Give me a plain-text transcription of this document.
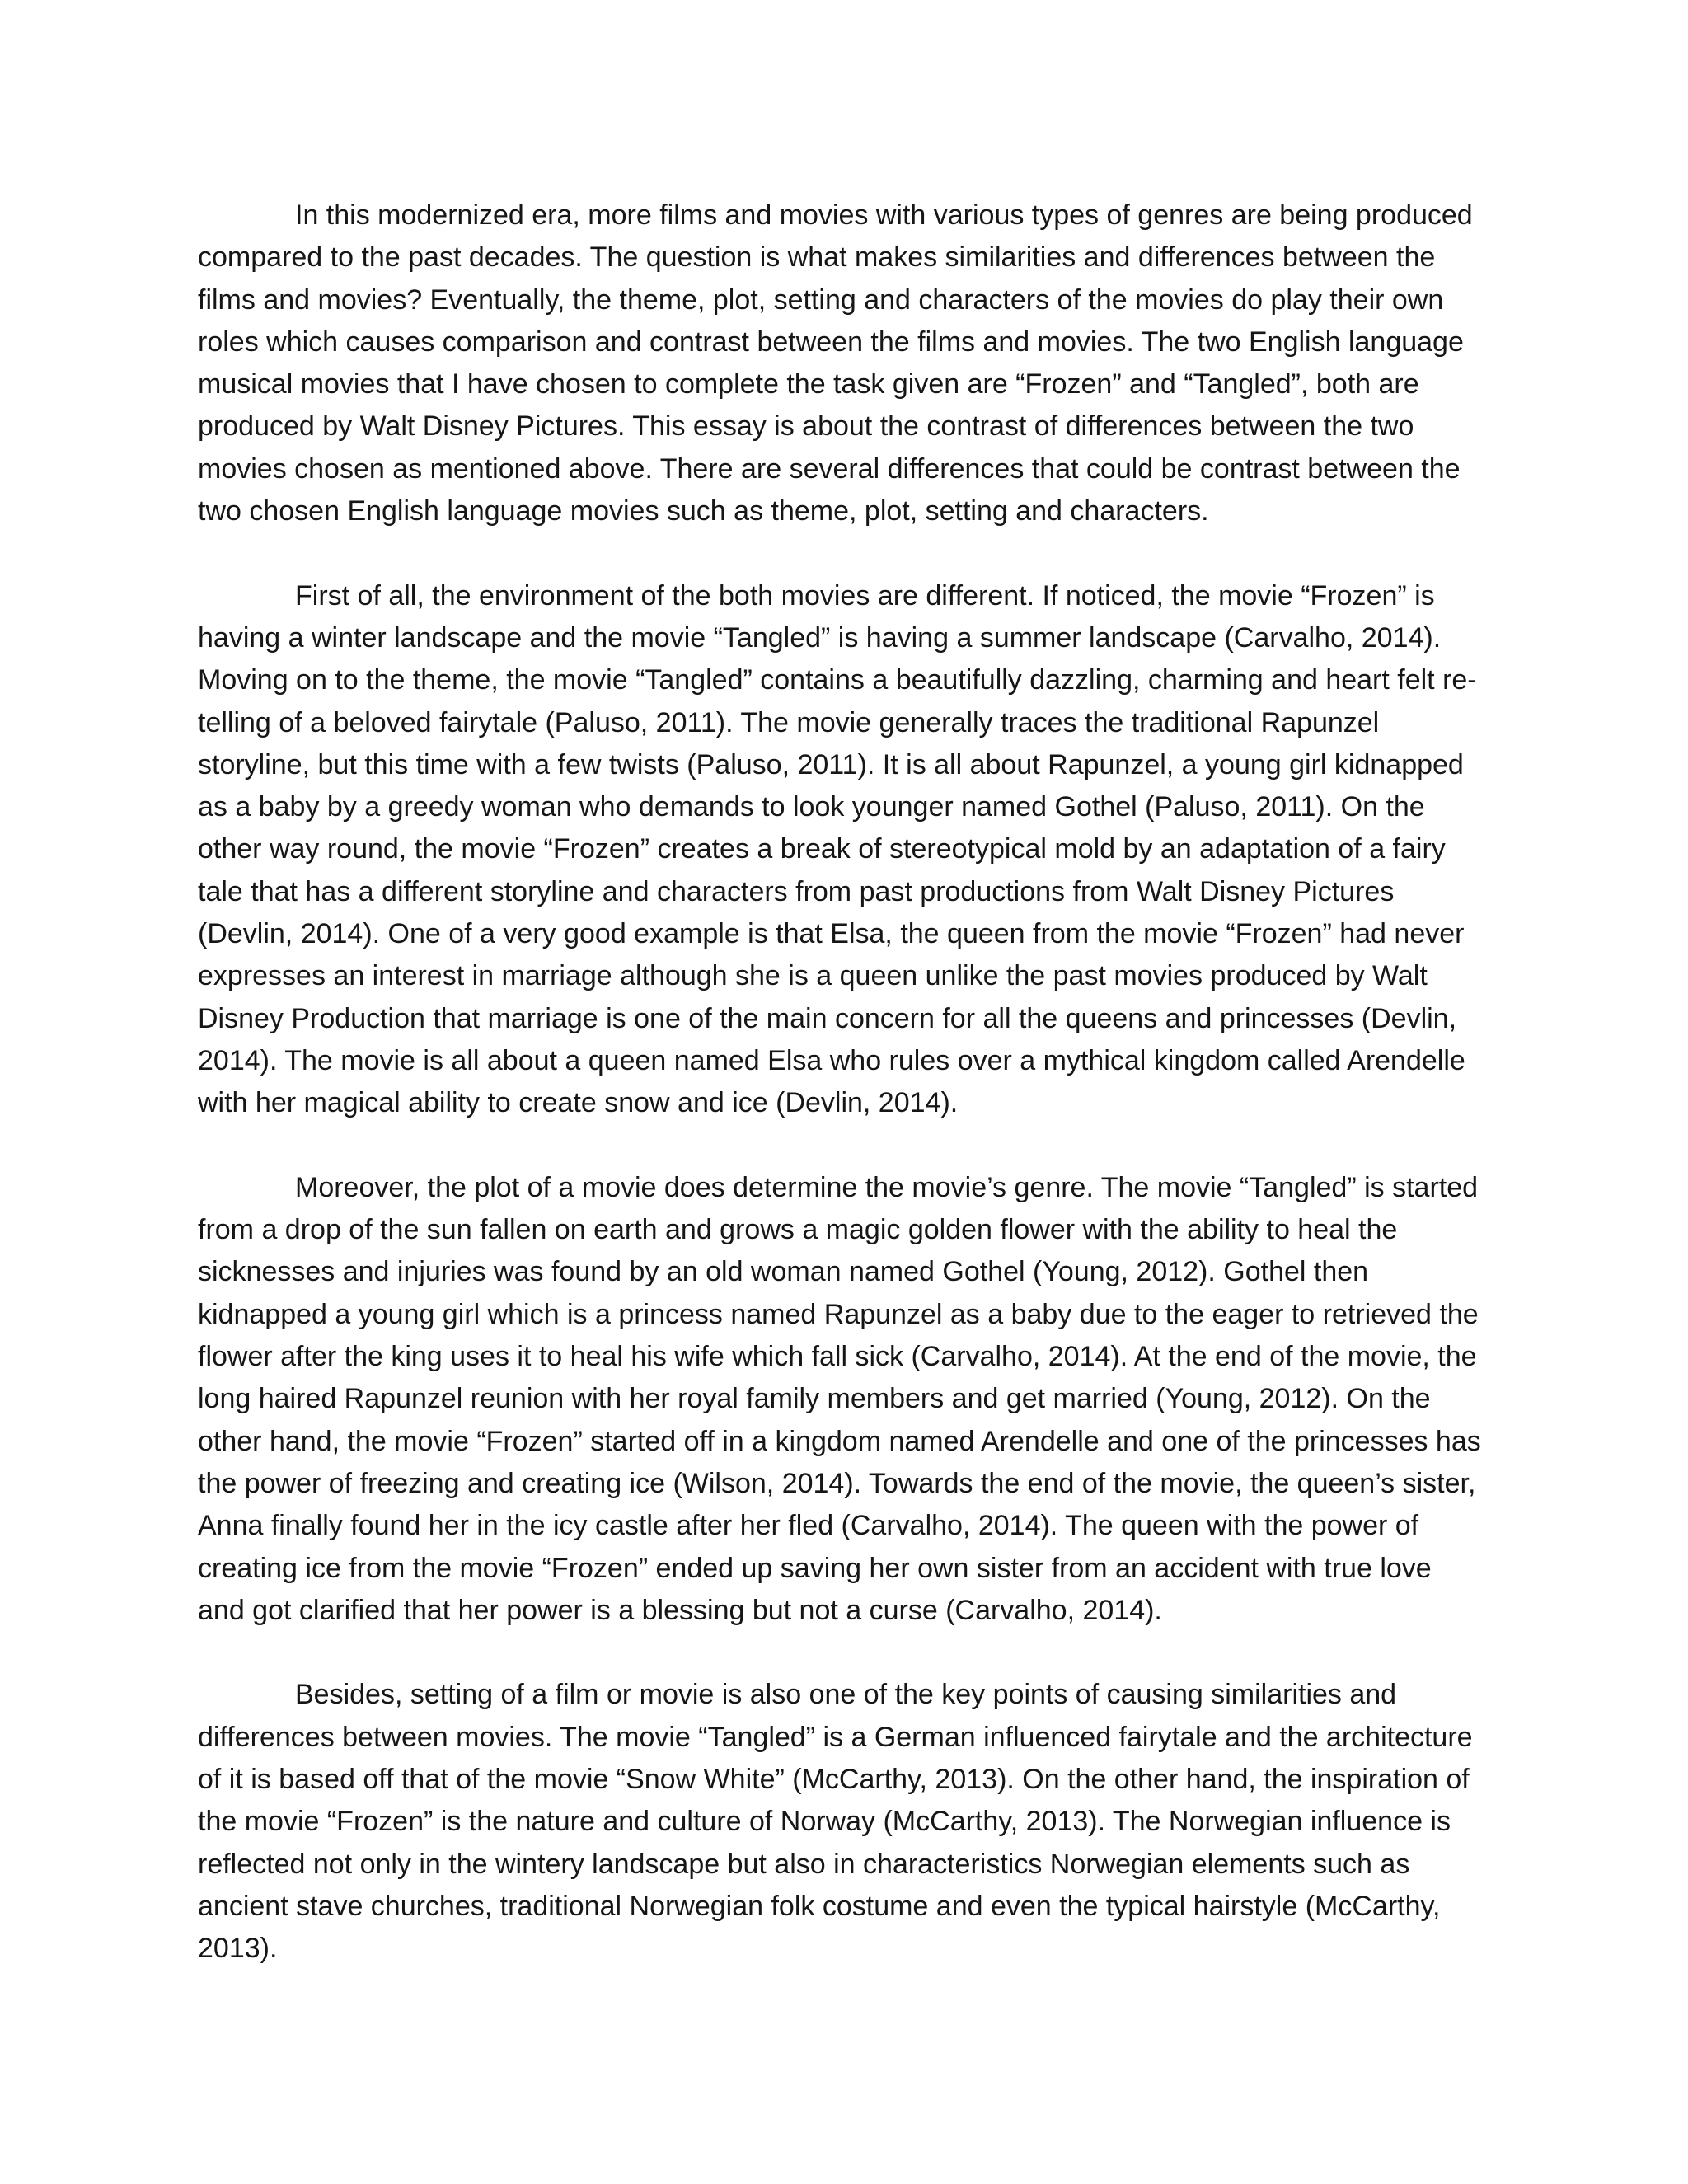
In this modernized era, more films and movies with various types of genres are being produced compared to the past decades. The question is what makes similarities and differences between the films and movies? Eventually, the theme, plot, setting and characters of the movies do play their own roles which causes comparison and contrast between the films and movies. The two English language musical movies that I have chosen to complete the task given are “Frozen” and “Tangled”, both are produced by Walt Disney Pictures. This essay is about the contrast of differences between the two movies chosen as mentioned above. There are several differences that could be contrast between the two chosen English language movies such as theme, plot, setting and characters.

First of all, the environment of the both movies are different. If noticed, the movie “Frozen” is having a winter landscape and the movie “Tangled” is having a summer landscape (Carvalho, 2014). Moving on to the theme, the movie “Tangled” contains a beautifully dazzling, charming and heart felt re-telling of a beloved fairytale (Paluso, 2011). The movie generally traces the traditional Rapunzel storyline, but this time with a few twists (Paluso, 2011). It is all about Rapunzel, a young girl kidnapped as a baby by a greedy woman who demands to look younger named Gothel (Paluso, 2011). On the other way round, the movie “Frozen” creates a break of stereotypical mold by an adaptation of a fairy tale that has a different storyline and characters from past productions from Walt Disney Pictures (Devlin, 2014). One of a very good example is that Elsa, the queen from the movie “Frozen” had never expresses an interest in marriage although she is a queen unlike the past movies produced by Walt Disney Production that marriage is one of the main concern for all the queens and princesses (Devlin, 2014). The movie is all about a queen named Elsa who rules over a mythical kingdom called Arendelle with her magical ability to create snow and ice (Devlin, 2014).

Moreover, the plot of a movie does determine the movie’s genre. The movie “Tangled” is started from a drop of the sun fallen on earth and grows a magic golden flower with the ability to heal the sicknesses and injuries was found by an old woman named Gothel (Young, 2012). Gothel then kidnapped a young girl which is a princess named Rapunzel as a baby due to the eager to retrieved the flower after the king uses it to heal his wife which fall sick (Carvalho, 2014). At the end of the movie, the long haired Rapunzel reunion with her royal family members and get married (Young, 2012). On the other hand, the movie “Frozen” started off in a kingdom named Arendelle and one of the princesses has the power of freezing and creating ice (Wilson, 2014). Towards the end of the movie, the queen’s sister, Anna finally found her in the icy castle after her fled (Carvalho, 2014). The queen with the power of creating ice from the movie “Frozen” ended up saving her own sister from an accident with true love and got clarified that her power is a blessing but not a curse (Carvalho, 2014).

Besides, setting of a film or movie is also one of the key points of causing similarities and differences between movies. The movie “Tangled” is a German influenced fairytale and the architecture of it is based off that of the movie “Snow White” (McCarthy, 2013). On the other hand, the inspiration of the movie “Frozen” is the nature and culture of Norway (McCarthy, 2013). The Norwegian influence is reflected not only in the wintery landscape but also in characteristics Norwegian elements such as ancient stave churches, traditional Norwegian folk costume and even the typical hairstyle (McCarthy, 2013).
